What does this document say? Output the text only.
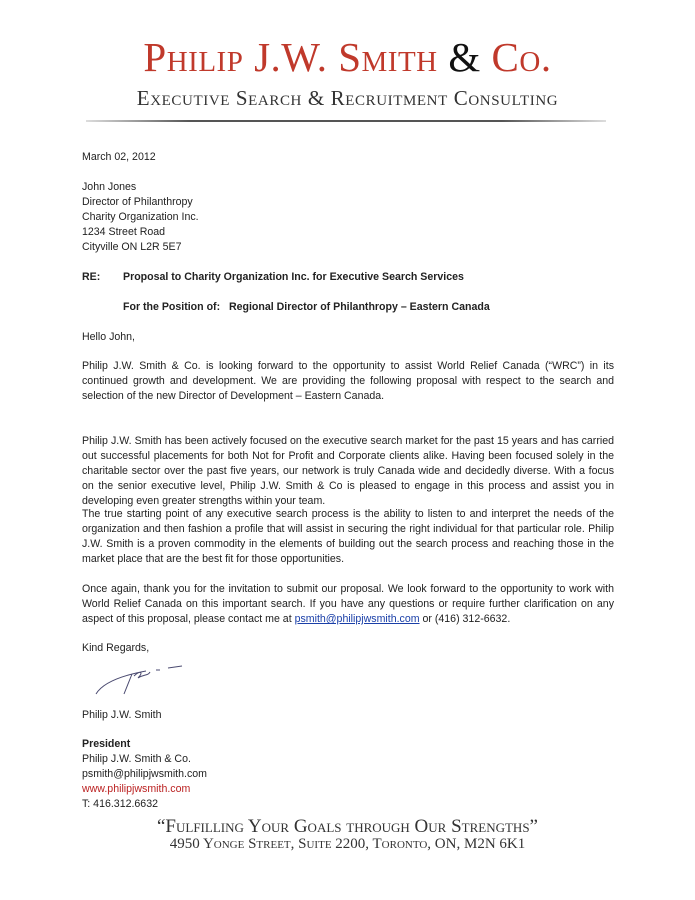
Philip J.W. Smith & Co.
Executive Search & Recruitment Consulting
March 02, 2012
John Jones
Director of Philanthropy
Charity Organization Inc.
1234 Street Road
Cityville ON L2R 5E7
RE: Proposal to Charity Organization Inc. for Executive Search Services
For the Position of: Regional Director of Philanthropy – Eastern Canada
Hello John,
Philip J.W. Smith & Co. is looking forward to the opportunity to assist World Relief Canada (“WRC”) in its continued growth and development. We are providing the following proposal with respect to the search and selection of the new Director of Development – Eastern Canada.
Philip J.W. Smith has been actively focused on the executive search market for the past 15 years and has carried out successful placements for both Not for Profit and Corporate clients alike. Having been focused solely in the charitable sector over the past five years, our network is truly Canada wide and decidedly diverse. With a focus on the senior executive level, Philip J.W. Smith & Co is pleased to engage in this process and assist you in developing even greater strengths within your team.
The true starting point of any executive search process is the ability to listen to and interpret the needs of the organization and then fashion a profile that will assist in securing the right individual for that particular role. Philip J.W. Smith is a proven commodity in the elements of building out the search process and reaching those in the market place that are the best fit for those opportunities.
Once again, thank you for the invitation to submit our proposal. We look forward to the opportunity to work with World Relief Canada on this important search. If you have any questions or require further clarification on any aspect of this proposal, please contact me at psmith@philipjwsmith.com or (416) 312-6632.
Kind Regards,
Philip J.W. Smith
President
Philip J.W. Smith & Co.
psmith@philipjwsmith.com
www.philipjwsmith.com
T: 416.312.6632
“Fulfilling Your Goals through Our Strengths”
4950 Yonge Street, Suite 2200, Toronto, ON, M2N 6K1
